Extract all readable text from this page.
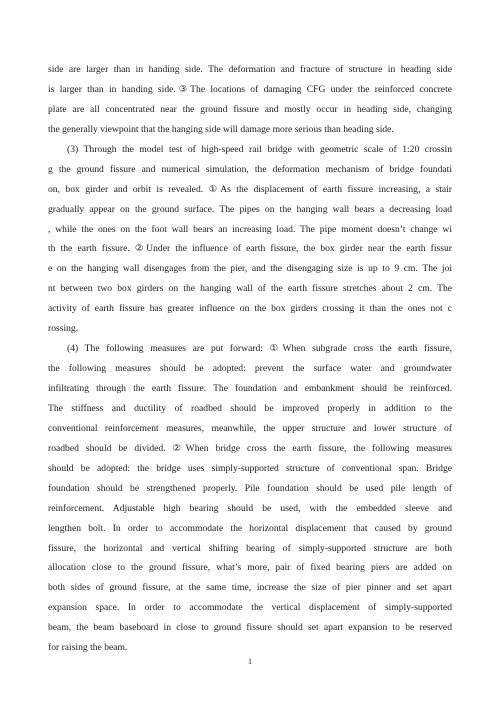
side are larger than in handing side. The deformation and fracture of structure in heading side
is larger than in handing side.③The locations of damaging CFG under the reinforced concrete
plate are all concentrated near the ground fissure and mostly occur in heading side, changing
the generally viewpoint that the hanging side will damage more serious than heading side.
(3) Through the model test of high-speed rail bridge with geometric scale of 1:20 crossin
g the ground fissure and numerical simulation, the deformation mechanism of bridge foundati
on, box girder and orbit is revealed. ①As the displacement of earth fissure increasing, a stair
gradually appear on the ground surface. The pipes on the hanging wall bears a decreasing load
, while the ones on the foot wall bears an increasing load. The pipe moment doesn’t change wi
th the earth fissure. ②Under the influence of earth fissure, the box girder near the earth fissur
e on the hanging wall disengages from the pier, and the disengaging size is up to 9 cm. The joi
nt between two box girders on the hanging wall of the earth fissure stretches about 2 cm. The
activity of earth fissure has greater influence on the box girders crossing it than the ones not c
rossing.
(4) The following measures are put forward: ①When subgrade cross the earth fissure,
the following measures should be adopted: prevent the surface water and groundwater
infiltrating through the earth fissure. The foundation and embankment should be reinforced.
The stiffness and ductility of roadbed should be improved properly in addition to the
conventional reinforcement measures, meanwhile, the upper structure and lower structure of
roadbed should be divided. ②When bridge cross the earth fissure, the following measures
should be adopted: the bridge uses simply-supported structure of conventional span. Bridge
foundation should be strengthened properly. Pile foundation should be used pile length of
reinforcement. Adjustable high bearing should be used, with the embedded sleeve and
lengthen bolt. In order to accommodate the horizontal displacement that caused by ground
fissure, the horizontal and vertical shifting bearing of simply-supported structure are both
allocation close to the ground fissure, what’s more, pair of fixed bearing piers are added on
both sides of ground fissure, at the same time, increase the size of pier pinner and set apart
expansion space. In order to accommodate the vertical displacement of simply-supported
beam, the beam baseboard in close to ground fissure should set apart expansion to be reserved
for raising the beam.
1
